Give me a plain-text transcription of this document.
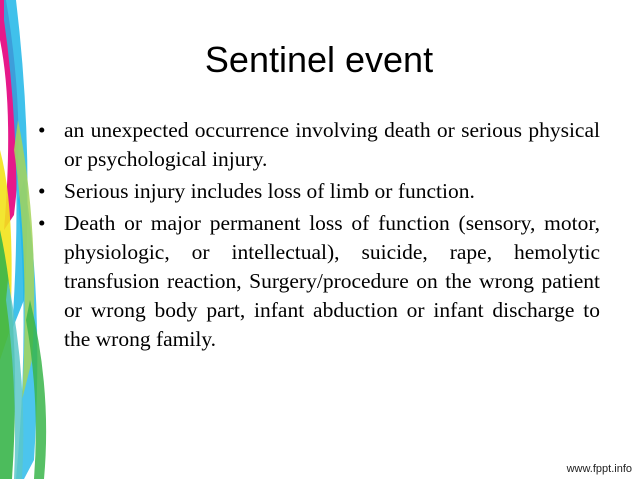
Sentinel event
• an unexpected occurrence involving death or serious physical or psychological injury.
• Serious injury includes loss of limb or function.
• Death or major permanent loss of function (sensory, motor, physiologic, or intellectual), suicide, rape, hemolytic transfusion reaction, Surgery/procedure on the wrong patient or wrong body part, infant abduction or infant discharge to the wrong family.
www.fppt.info
